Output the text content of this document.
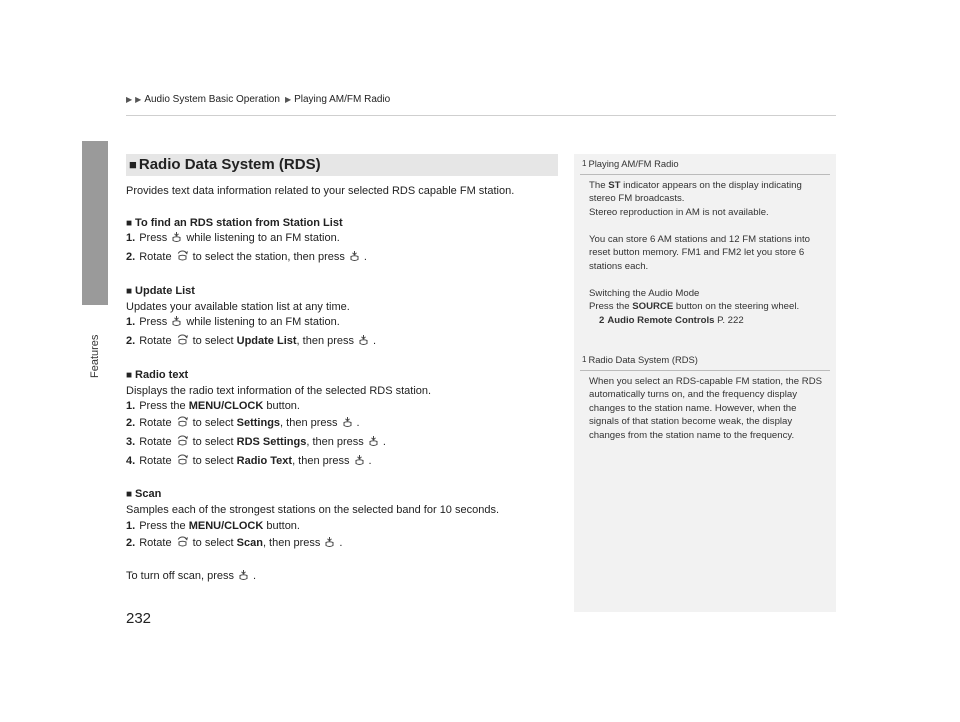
Features
▶ ▶ Audio System Basic Operation ▶ Playing AM/FM Radio
■ Radio Data System (RDS)

Provides text data information related to your selected RDS capable FM station.

■ To find an RDS station from Station List

1. Press while listening to an FM station.

2. Rotate to select the station, then press .

■ Update List

Updates your available station list at any time.

1. Press while listening to an FM station.

2. Rotate to select Update List, then press .

■ Radio text

Displays the radio text information of the selected RDS station.

1. Press the MENU/CLOCK button.

2. Rotate to select Settings, then press .

3. Rotate to select RDS Settings, then press .

4. Rotate to select Radio Text, then press .

■ Scan

Samples each of the strongest stations on the selected band for 10 seconds.

1. Press the MENU/CLOCK button.

2. Rotate to select Scan, then press .

To turn off scan, press .

1 Playing AM/FM Radio

The ST indicator appears on the display indicating

stereo FM broadcasts.

Stereo reproduction in AM is not available.

You can store 6 AM stations and 12 FM stations into

reset button memory. FM1 and FM2 let you store 6

stations each.

Switching the Audio Mode

Press the SOURCE button on the steering wheel.

2 Audio Remote Controls P. 222

1 Radio Data System (RDS)

When you select an RDS-capable FM station, the RDS

automatically turns on, and the frequency display

changes to the station name. However, when the

signals of that station become weak, the display

changes from the station name to the frequency.

232
